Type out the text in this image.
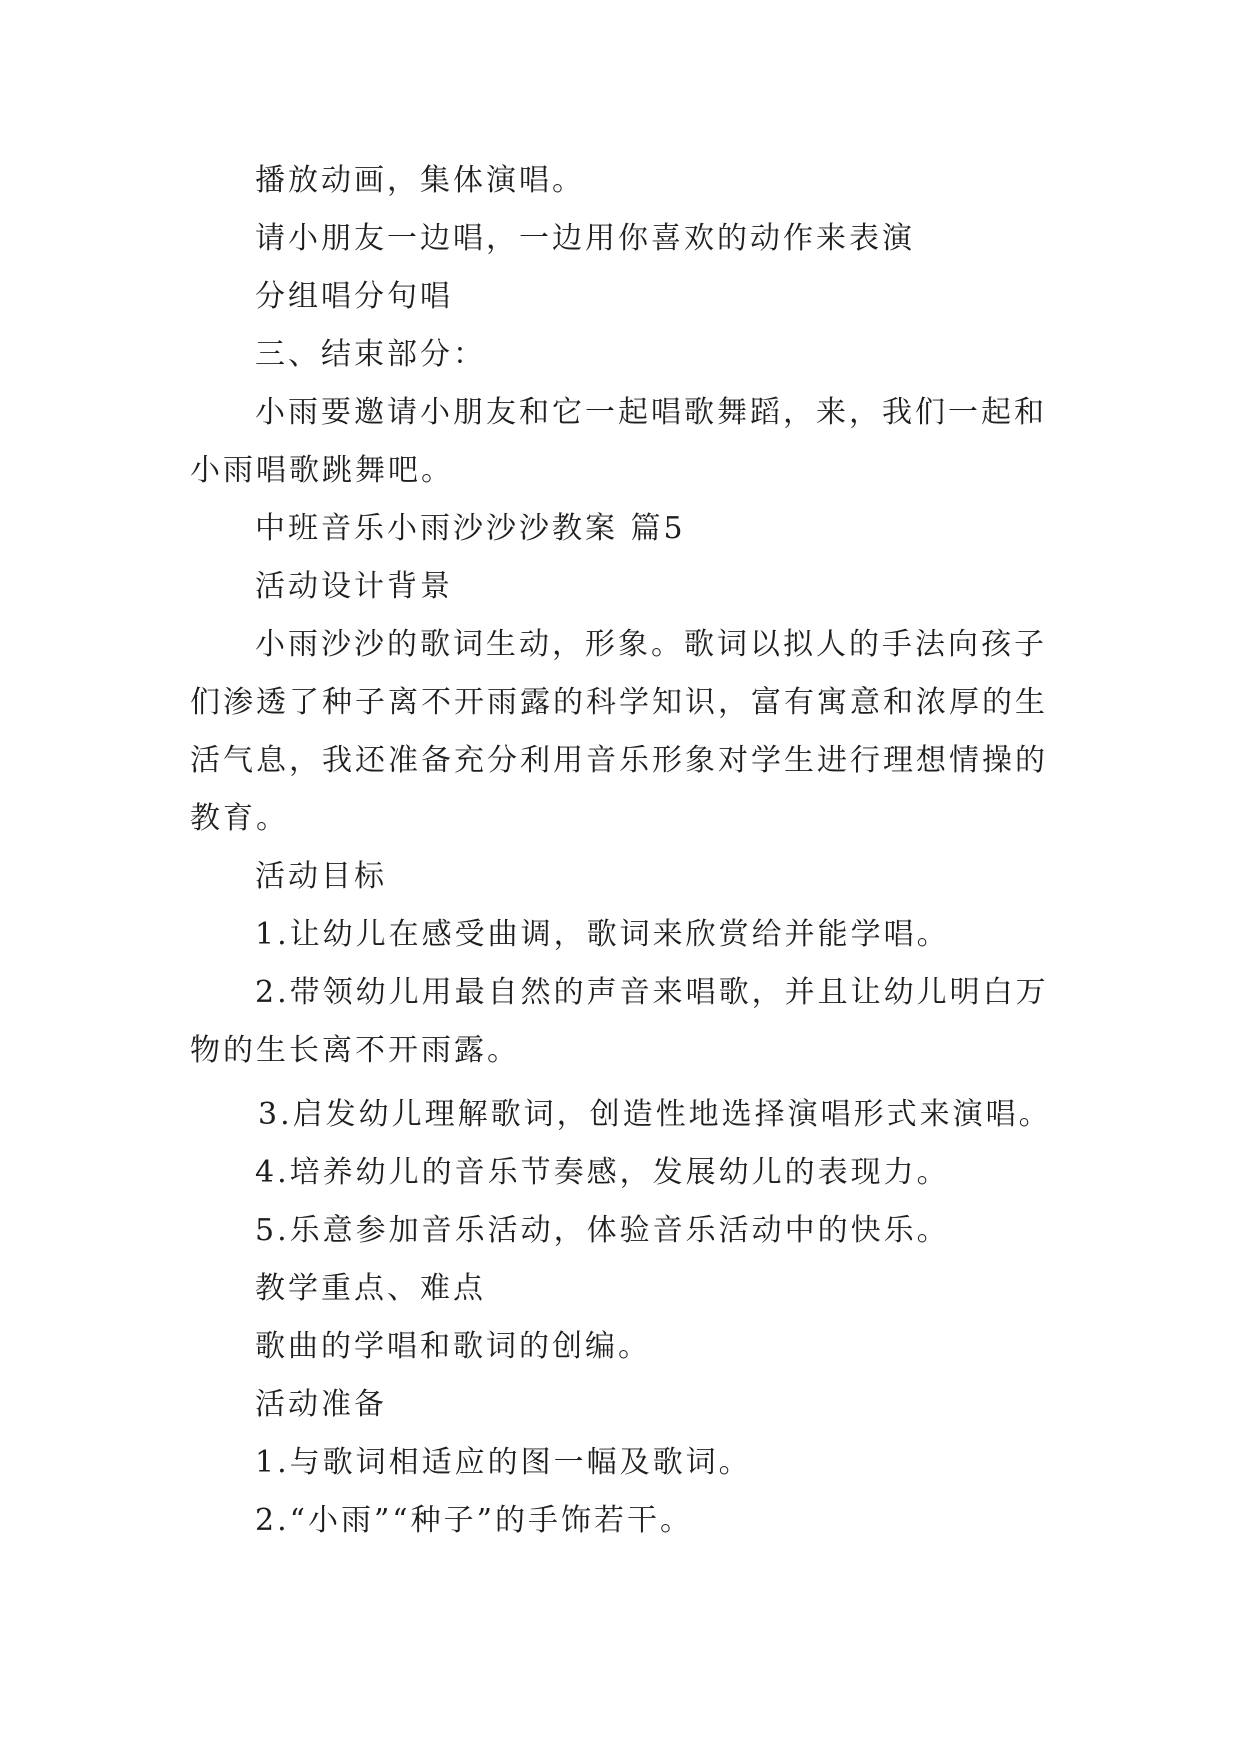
播放动画，集体演唱。

请小朋友一边唱，一边用你喜欢的动作来表演

分组唱分句唱

三、结束部分：

小雨要邀请小朋友和它一起唱歌舞蹈，来，我们一起和

小雨唱歌跳舞吧。

中班音乐小雨沙沙沙教案 篇5

活动设计背景

小雨沙沙的歌词生动，形象。歌词以拟人的手法向孩子

们渗透了种子离不开雨露的科学知识，富有寓意和浓厚的生

活气息，我还准备充分利用音乐形象对学生进行理想情操的

教育。

活动目标

1.让幼儿在感受曲调，歌词来欣赏给并能学唱。

2.带领幼儿用最自然的声音来唱歌，并且让幼儿明白万

物的生长离不开雨露。

3.启发幼儿理解歌词，创造性地选择演唱形式来演唱。

4.培养幼儿的音乐节奏感，发展幼儿的表现力。

5.乐意参加音乐活动，体验音乐活动中的快乐。

教学重点、难点

歌曲的学唱和歌词的创编。

活动准备

1.与歌词相适应的图一幅及歌词。

2.“小雨”“种子”的手饰若干。
